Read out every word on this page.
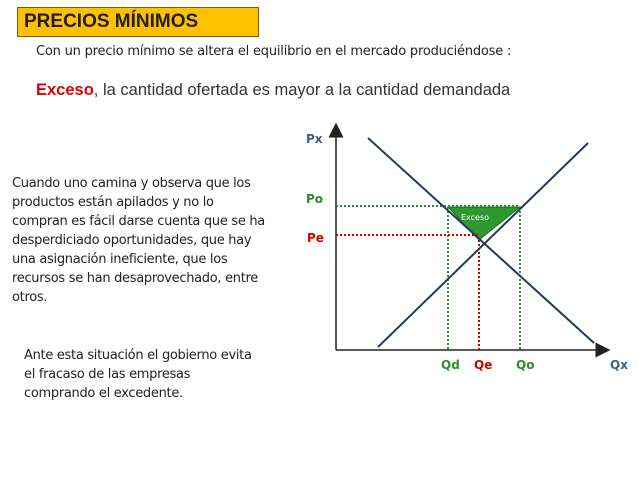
PRECIOS MÍNIMOS
Con un precio mínimo se altera el equilibrio en el mercado produciéndose :
Exceso, la cantidad ofertada es mayor a la cantidad demandada
Cuando uno camina y observa que los
productos están apilados y no lo
compran es fácil darse cuenta que se ha
desperdiciado oportunidades, que hay
una asignación ineficiente, que los
recursos se han desaprovechado, entre
otros.
Ante esta situación el gobierno evita
el fracaso de las empresas
comprando el excedente.
Exceso
Px
Qx
Po
Pe
Qd Qe Qo
